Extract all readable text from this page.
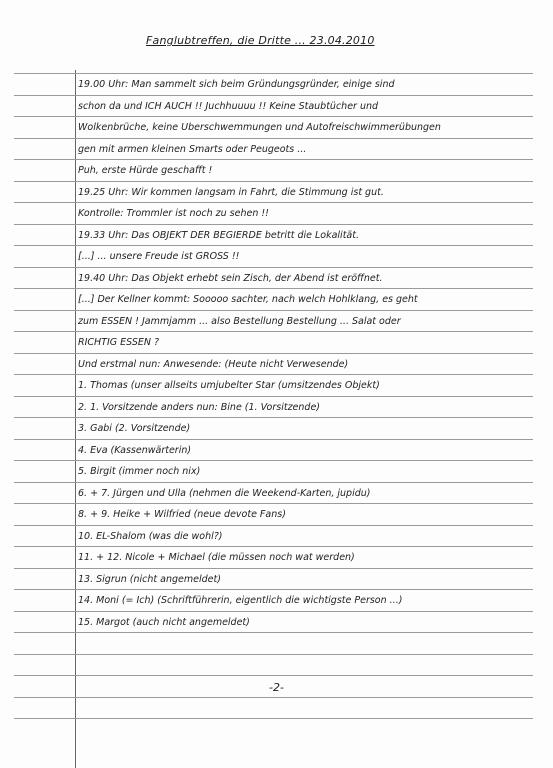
Fanglubtreffen, die Dritte ... 23.04.2010
19.00 Uhr: Man sammelt sich beim Gründungsgründer, einige sind
schon da und ICH AUCH !! Juchhuuuu !! Keine Staubtücher und
Wolkenbrüche, keine Überschwemmungen und Autofreischwimmerübungen
gen mit armen kleinen Smarts oder Peugeots ...
Puh, erste Hürde geschafft !
19.25 Uhr: Wir kommen langsam in Fahrt, die Stimmung ist gut.
Kontrolle: Trommler ist noch zu sehen !!
19.33 Uhr: Das OBJEKT DER BEGIERDE betritt die Lokalität.
[...] ... unsere Freude ist GROSS !!
19.40 Uhr: Das Objekt erhebt sein Zisch, der Abend ist eröffnet.
[...] Der Kellner kommt: Sooooo sachter, nach welch Hohlklang, es geht
zum ESSEN ! Jammjamm ... also Bestellung Bestellung ... Salat oder
RICHTIG ESSEN ?
Und erstmal nun: Anwesende: (Heute nicht Verwesende)
1. Thomas (unser allseits umjubelter Star (umsitzendes Objekt)
2. 1. Vorsitzende anders nun: Bine (1. Vorsitzende)
3. Gabi (2. Vorsitzende)
4. Eva (Kassenwärterin)
5. Birgit (immer noch nix)
6. + 7. Jürgen und Ulla (nehmen die Weekend-Karten, jupidu)
8. + 9. Heike + Wilfried (neue devote Fans)
10. EL-Shalom (was die wohl?)
11. + 12. Nicole + Michael (die müssen noch wat werden)
13. Sigrun (nicht angemeldet)
14. Moni (= Ich) (Schriftführerin, eigentlich die wichtigste Person ...)
15. Margot (auch nicht angemeldet)
-2-
